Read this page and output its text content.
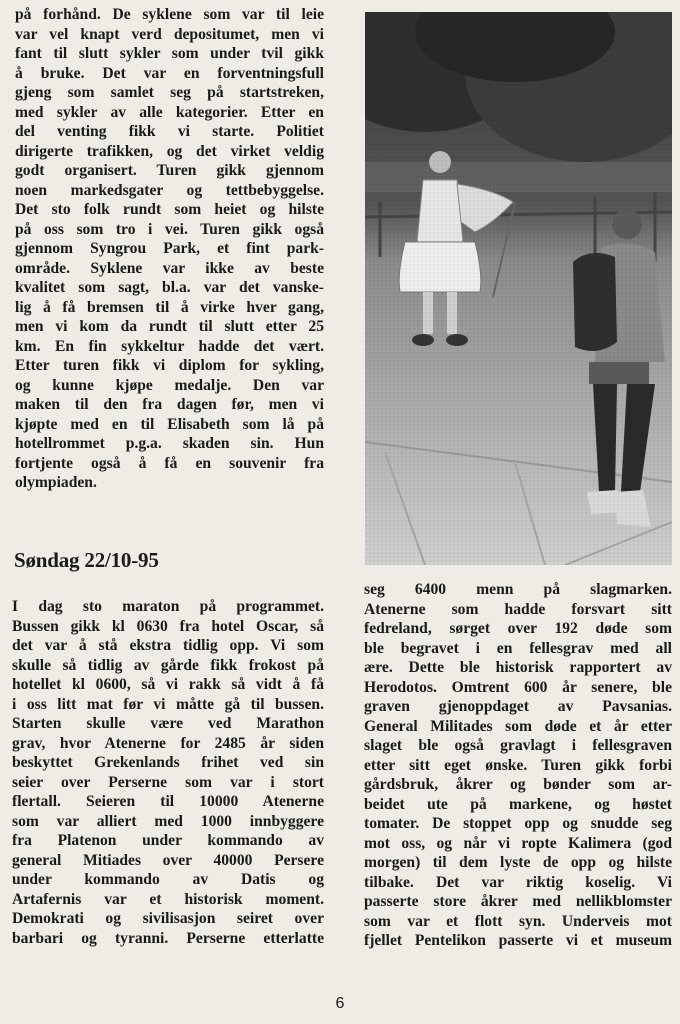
på forhånd. De syklene som var til leie
var vel knapt verd depositumet, men vi
fant til slutt sykler som under tvil gikk
å bruke. Det var en forventningsfull
gjeng som samlet seg på startstreken,
med sykler av alle kategorier. Etter en
del venting fikk vi starte. Politiet
dirigerte trafikken, og det virket veldig
godt organisert. Turen gikk gjennom
noen markedsgater og tettbebyggelse.
Det sto folk rundt som heiet og hilste
på oss som tro i vei. Turen gikk også
gjennom Syngrou Park, et fint park-
område. Syklene var ikke av beste
kvalitet som sagt, bl.a. var det vanske-
lig å få bremsen til å virke hver gang,
men vi kom da rundt til slutt etter 25
km. En fin sykkeltur hadde det vært.
Etter turen fikk vi diplom for sykling,
og kunne kjøpe medalje. Den var
maken til den fra dagen før, men vi
kjøpte med en til Elisabeth som lå på
hotellrommet p.g.a. skaden sin. Hun
fortjente også å få en souvenir fra
olympiaden.
Søndag 22/10-95
I dag sto maraton på programmet.
Bussen gikk kl 0630 fra hotel Oscar, så
det var å stå ekstra tidlig opp. Vi som
skulle så tidlig av gårde fikk frokost på
hotellet kl 0600, så vi rakk så vidt å få
i oss litt mat før vi måtte gå til bussen.
Starten skulle være ved Marathon
grav, hvor Atenerne for 2485 år siden
beskyttet Grekenlands frihet ved sin
seier over Perserne som var i stort
flertall. Seieren til 10000 Atenerne
som var alliert med 1000 innbyggere
fra Platenon under kommando av
general Mitiades over 40000 Persere
under kommando av Datis og
Artafernis var et historisk moment.
Demokrati og sivilisasjon seiret over
barbari og tyranni. Perserne etterlatte
seg 6400 menn på slagmarken.
Atenerne som hadde forsvart sitt
fedreland, sørget over 192 døde som
ble begravet i en fellesgrav med all
ære. Dette ble historisk rapportert av
Herodotos. Omtrent 600 år senere, ble
graven gjenoppdaget av Pavsanias.
General Militades som døde et år etter
slaget ble også gravlagt i fellesgraven
etter sitt eget ønske. Turen gikk forbi
gårdsbruk, åkrer og bønder som ar-
beidet ute på markene, og høstet
tomater. De stoppet opp og snudde seg
mot oss, og når vi ropte Kalimera (god
morgen) til dem lyste de opp og hilste
tilbake. Det var riktig koselig. Vi
passerte store åkrer med nellikblomster
som var et flott syn. Underveis mot
fjellet Pentelikon passerte vi et museum
6
